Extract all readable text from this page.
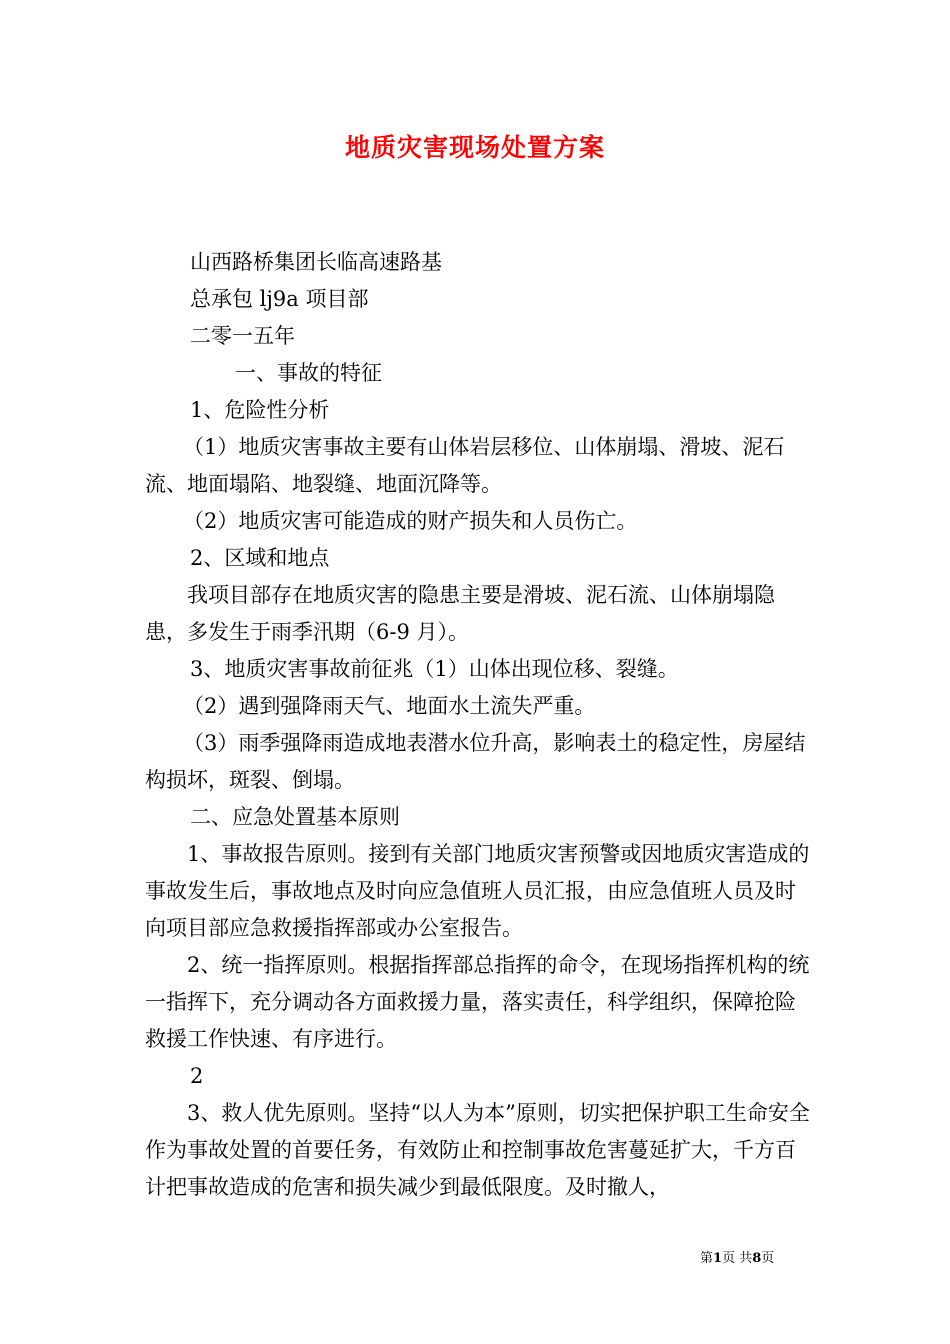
地质灾害现场处置方案

山西路桥集团长临高速路基

总承包 lj9a 项目部

二零一五年

一、事故的特征

1、危险性分析

（1）地质灾害事故主要有山体岩层移位、山体崩塌、滑坡、泥石流、地面塌陷、地裂缝、地面沉降等。

（2）地质灾害可能造成的财产损失和人员伤亡。

2、区域和地点

我项目部存在地质灾害的隐患主要是滑坡、泥石流、山体崩塌隐患，多发生于雨季汛期（6-9 月）。

3、地质灾害事故前征兆（1）山体出现位移、裂缝。

（2）遇到强降雨天气、地面水土流失严重。

（3）雨季强降雨造成地表潜水位升高，影响表土的稳定性，房屋结构损坏，斑裂、倒塌。

二、应急处置基本原则

1、事故报告原则。接到有关部门地质灾害预警或因地质灾害造成的事故发生后，事故地点及时向应急值班人员汇报，由应急值班人员及时向项目部应急救援指挥部或办公室报告。

2、统一指挥原则。根据指挥部总指挥的命令，在现场指挥机构的统一指挥下，充分调动各方面救援力量，落实责任，科学组织，保障抢险救援工作快速、有序进行。

2

3、救人优先原则。坚持“以人为本”原则，切实把保护职工生命安全作为事故处置的首要任务，有效防止和控制事故危害蔓延扩大，千方百计把事故造成的危害和损失减少到最低限度。及时撤人，

第1页 共8页
